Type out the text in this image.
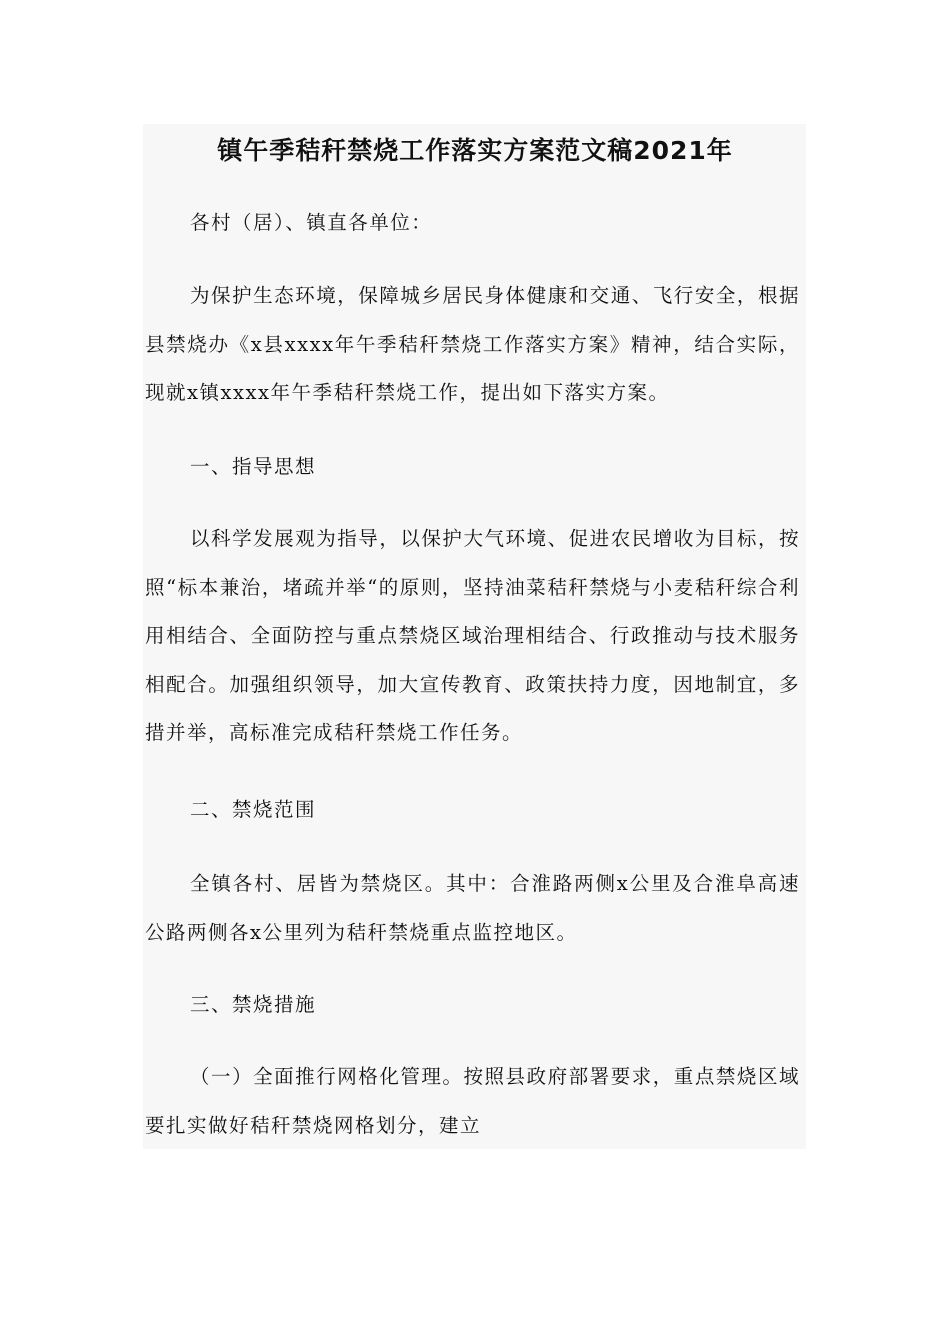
镇午季秸秆禁烧工作落实方案范文稿2021年

各村（居）、镇直各单位：

为保护生态环境，保障城乡居民身体健康和交通、飞行安全，根据县禁烧办《x县xxxx年午季秸秆禁烧工作落实方案》精神，结合实际，现就x镇xxxx年午季秸秆禁烧工作，提出如下落实方案。

一、指导思想

以科学发展观为指导，以保护大气环境、促进农民增收为目标，按照“标本兼治，堵疏并举“的原则，坚持油菜秸秆禁烧与小麦秸秆综合利用相结合、全面防控与重点禁烧区域治理相结合、行政推动与技术服务相配合。加强组织领导，加大宣传教育、政策扶持力度，因地制宜，多措并举，高标准完成秸秆禁烧工作任务。

二、禁烧范围

全镇各村、居皆为禁烧区。其中：合淮路两侧x公里及合淮阜高速公路两侧各x公里列为秸秆禁烧重点监控地区。

三、禁烧措施

（一）全面推行网格化管理。按照县政府部署要求，重点禁烧区域要扎实做好秸秆禁烧网格划分，建立
